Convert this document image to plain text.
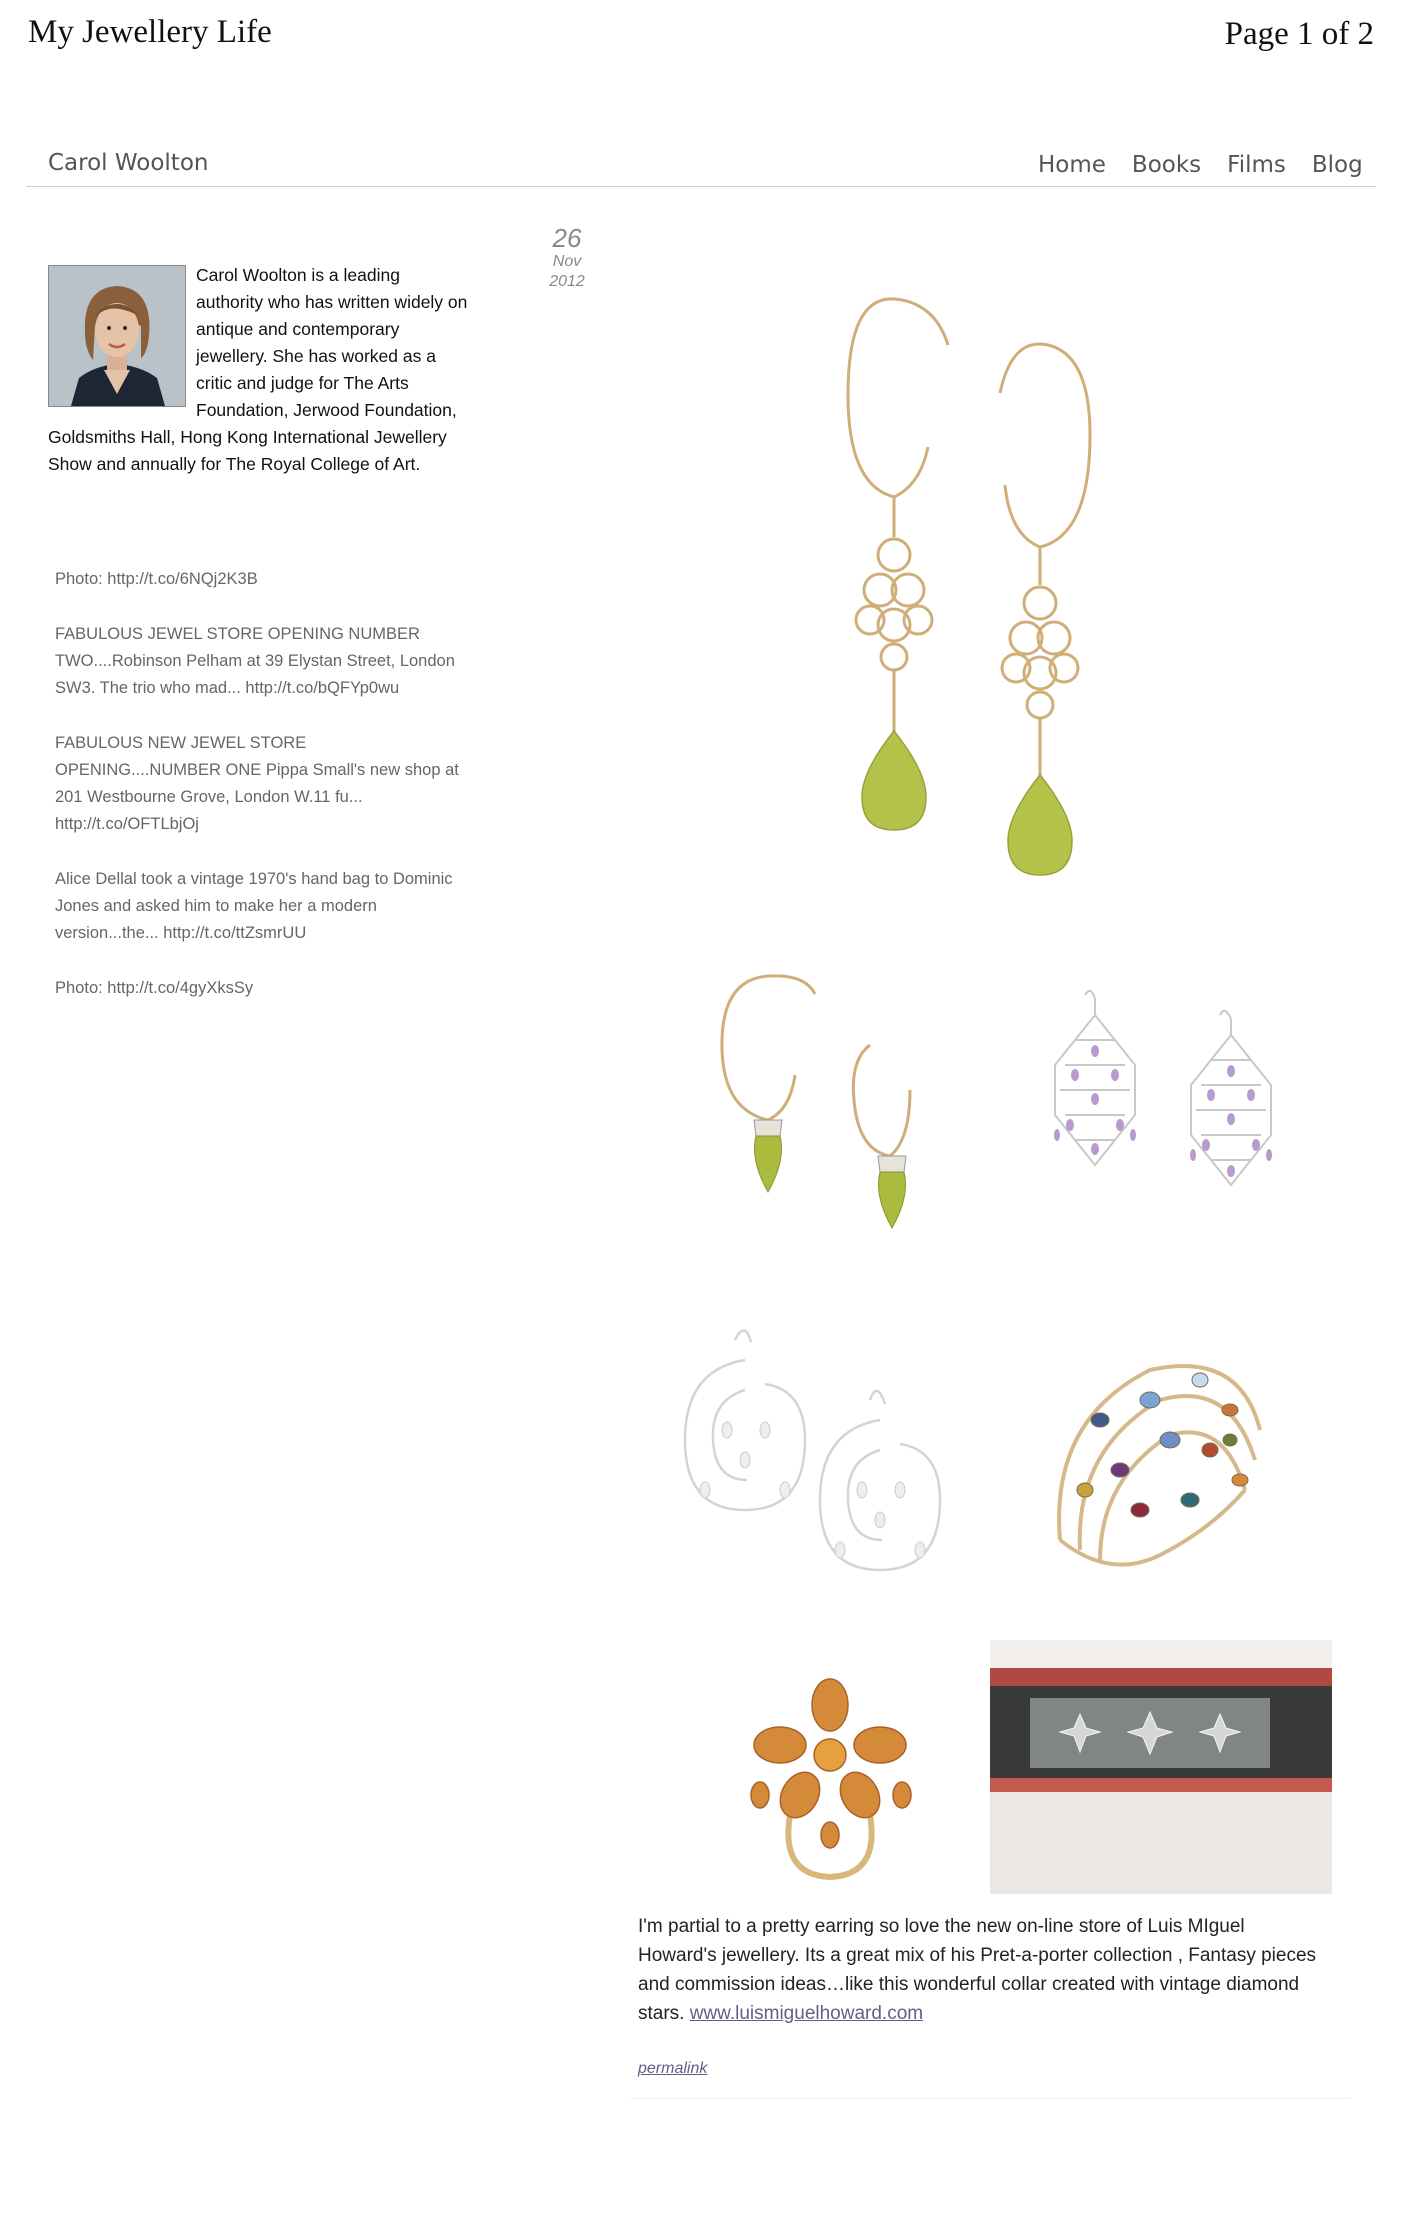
My Jewellery Life	Page 1 of 2
Carol Woolton	Home Books Films Blog
Carol Woolton is a leading authority who has written widely on antique and contemporary jewellery. She has worked as a critic and judge for The Arts Foundation, Jerwood Foundation, Goldsmiths Hall, Hong Kong International Jewellery Show and annually for The Royal College of Art.

Photo: http://t.co/6NQj2K3B

FABULOUS JEWEL STORE OPENING NUMBER TWO....Robinson Pelham at 39 Elystan Street, London SW3. The trio who mad... http://t.co/bQFYp0wu

FABULOUS NEW JEWEL STORE OPENING....NUMBER ONE Pippa Small's new shop at 201 Westbourne Grove, London W.11 fu... http://t.co/OFTLbjOj

Alice Dellal took a vintage 1970's hand bag to Dominic Jones and asked him to make her a modern version...the... http://t.co/ttZsmrUU

Photo: http://t.co/4gyXksSy

26
Nov
2012
I'm partial to a pretty earring so love the new on-line store of Luis MIguel Howard's jewellery. Its a great mix of his Pret-a-porter collection , Fantasy pieces and commission ideas…like this wonderful collar created with vintage diamond stars. www.luismiguelhoward.com
permalink
